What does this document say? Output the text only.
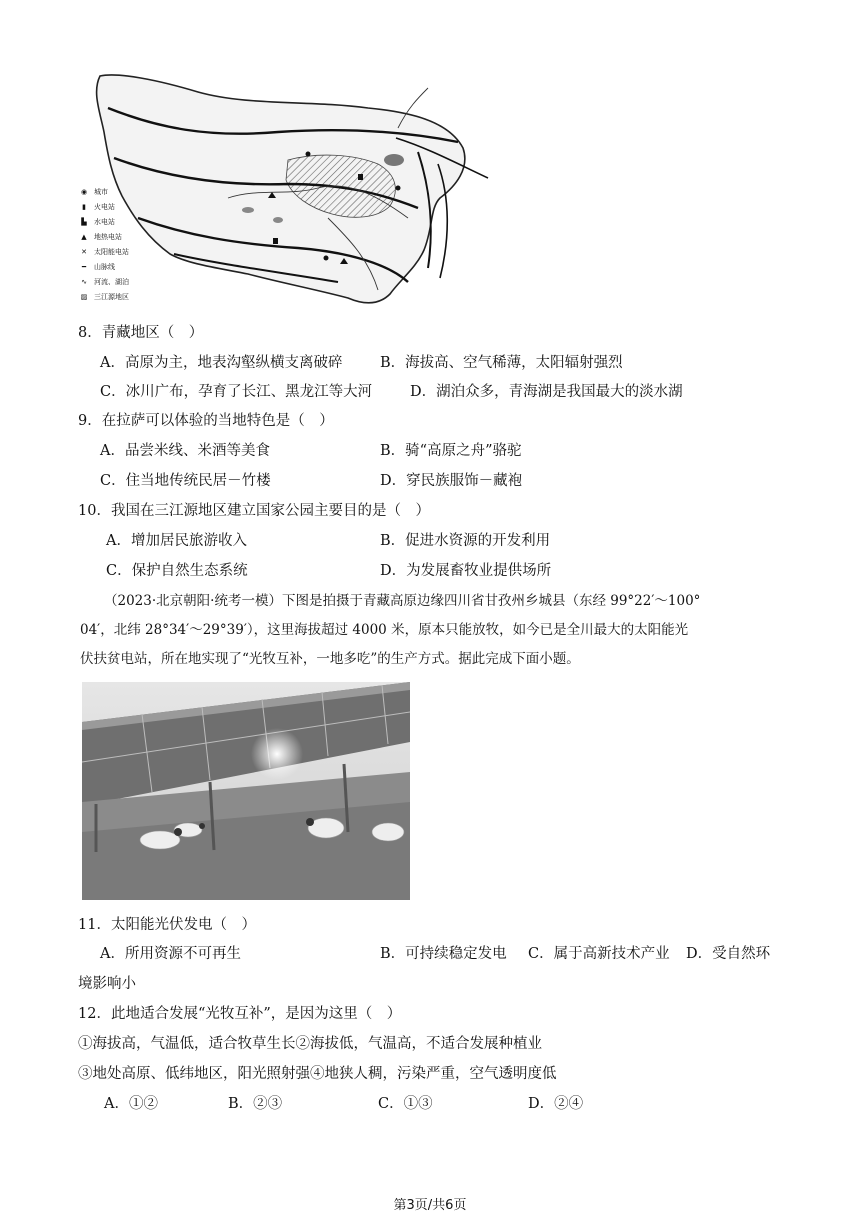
◉ 城市
▮ 火电站
▙ 水电站
▲ 地热电站
✕ 太阳能电站
━ 山脉线
∿ 河流、湖泊
▨ 三江源地区
8．青藏地区（　）
A．高原为主，地表沟壑纵横支离破碎	B．海拔高、空气稀薄，太阳辐射强烈
C．冰川广布，孕育了长江、黑龙江等大河	D．湖泊众多，青海湖是我国最大的淡水湖
9．在拉萨可以体验的当地特色是（　）
A．品尝米线、米酒等美食	B．骑“高原之舟”骆驼
C．住当地传统民居－竹楼	D．穿民族服饰－藏袍
10．我国在三江源地区建立国家公园主要目的是（　）
A．增加居民旅游收入	B．促进水资源的开发利用
C．保护自然生态系统	D．为发展畜牧业提供场所
（2023·北京朝阳·统考一模）下图是拍摄于青藏高原边缘四川省甘孜州乡城县（东经 99°22′～100°
04′，北纬 28°34′～29°39′），这里海拔超过 4000 米，原本只能放牧，如今已是全川最大的太阳能光
伏扶贫电站，所在地实现了“光牧互补，一地多吃”的生产方式。据此完成下面小题。
11．太阳能光伏发电（　）
A．所用资源不可再生	B．可持续稳定发电 C．属于高新技术产业 D．受自然环
境影响小
12．此地适合发展“光牧互补”，是因为这里（　）
①海拔高，气温低，适合牧草生长②海拔低，气温高，不适合发展种植业
③地处高原、低纬地区，阳光照射强④地狭人稠，污染严重，空气透明度低
A．①②	B．②③	C．①③	D．②④
第3页/共6页
